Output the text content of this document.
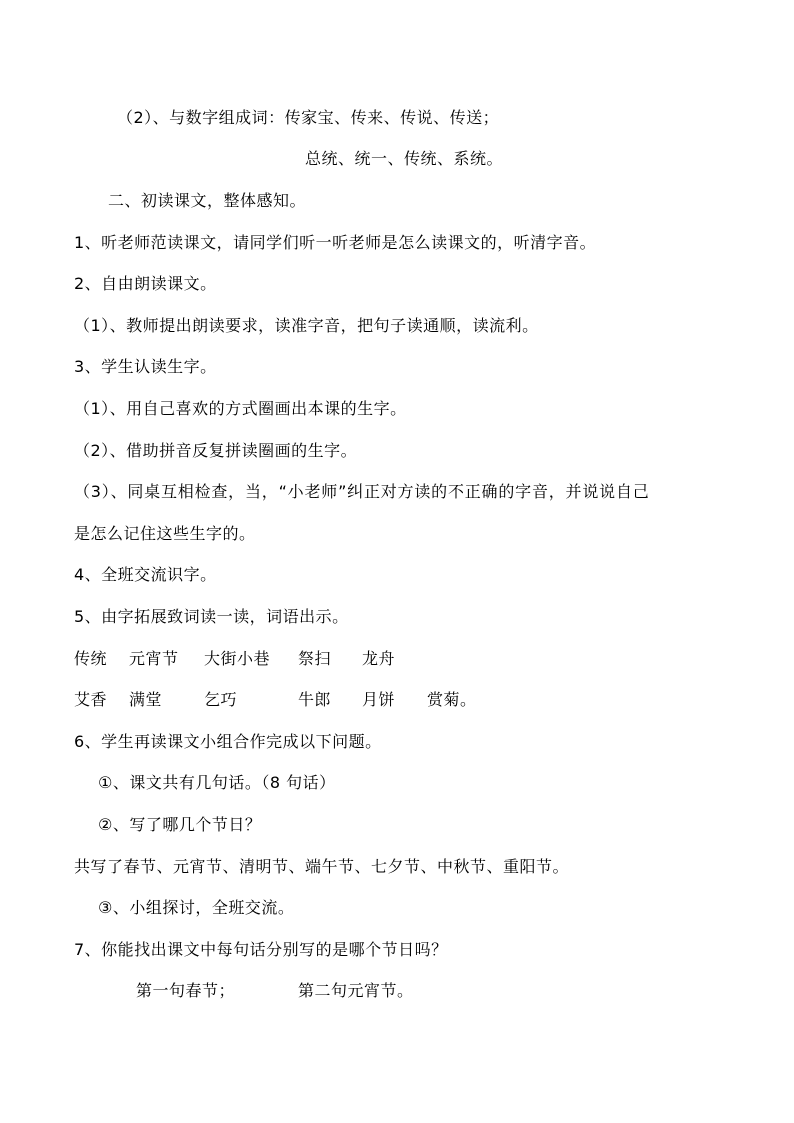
（2）、与数字组成词：传家宝、传来、传说、传送；
总统、统一、传统、系统。
二、初读课文，整体感知。
1、听老师范读课文，请同学们听一听老师是怎么读课文的，听清字音。
2、自由朗读课文。
（1）、教师提出朗读要求，读准字音，把句子读通顺，读流利。
3、学生认读生字。
（1）、用自己喜欢的方式圈画出本课的生字。
（2）、借助拼音反复拼读圈画的生字。
（3）、同桌互相检查，当，“小老师”纠正对方读的不正确的字音，并说说自己
是怎么记住这些生字的。
4、全班交流识字。
5、由字拓展致词读一读，词语出示。
传统 元宵节 大街小巷 祭扫 龙舟
艾香 满堂	乞巧	牛郎 月饼 赏菊。
6、学生再读课文小组合作完成以下问题。
①、课文共有几句话。（8 句话）
②、写了哪几个节日？
共写了春节、元宵节、清明节、端午节、七夕节、中秋节、重阳节。
③、小组探讨，全班交流。
7、你能找出课文中每句话分别写的是哪个节日吗？
第一句春节；	第二句元宵节。
